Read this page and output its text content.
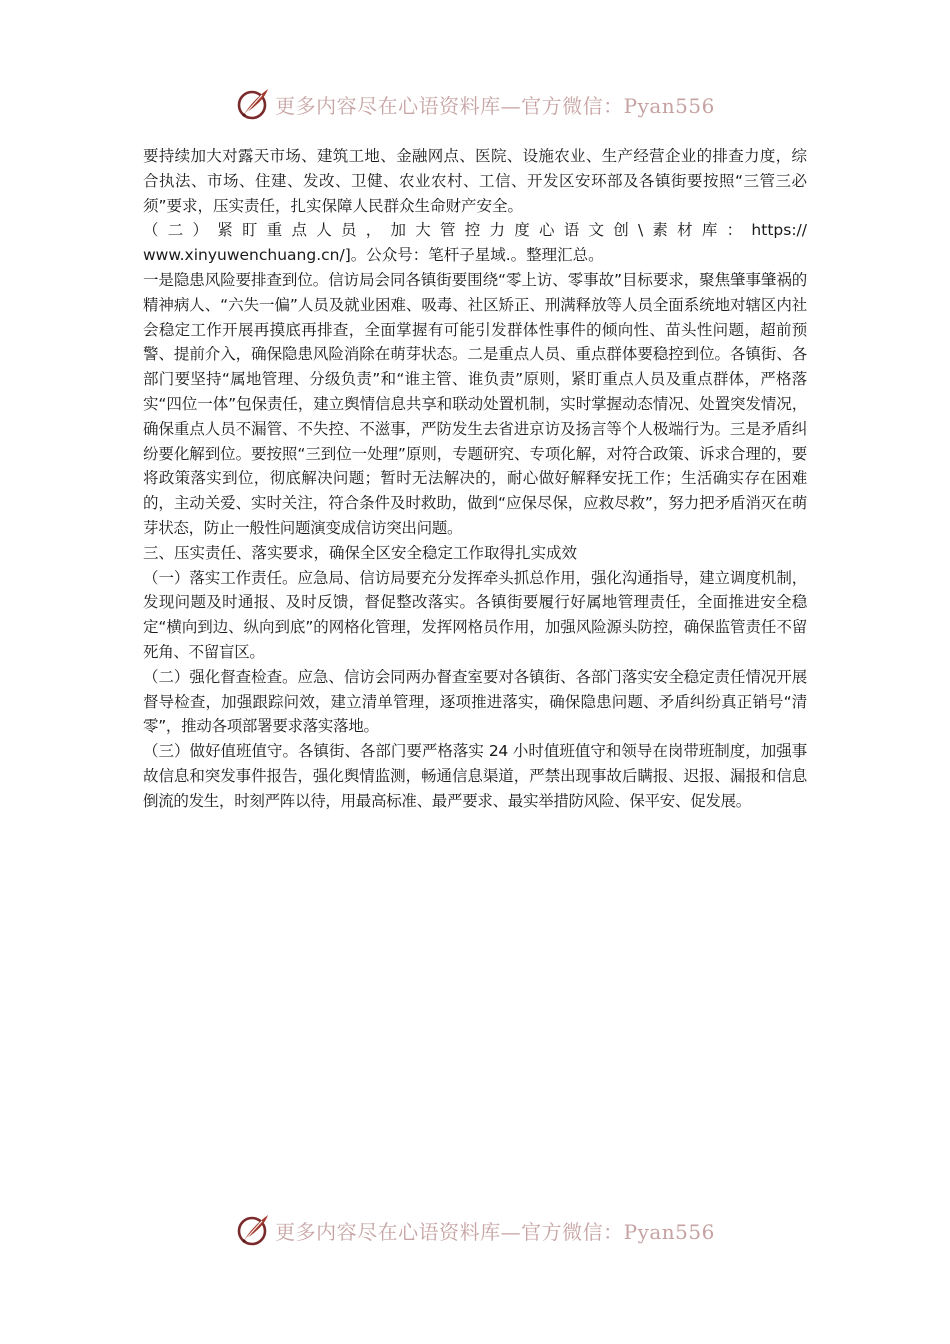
更多内容尽在心语资料库—官方微信：Pyan556

要持续加大对露天市场、建筑工地、金融网点、医院、设施农业、生产经营企业的排查力度，综合执法、市场、住建、发改、卫健、农业农村、工信、开发区安环部及各镇街要按照“三管三必须”要求，压实责任，扎实保障人民群众生命财产安全。

（二）紧盯重点人员，加大管控力度心语文创\素材库：https://

www.xinyuwenchuang.cn/]。公众号：笔杆子星域.。整理汇总。

一是隐患风险要排查到位。信访局会同各镇街要围绕“零上访、零事故”目标要求，聚焦肇事肇祸的精神病人、“六失一偏”人员及就业困难、吸毒、社区矫正、刑满释放等人员全面系统地对辖区内社会稳定工作开展再摸底再排查，全面掌握有可能引发群体性事件的倾向性、苗头性问题，超前预警、提前介入，确保隐患风险消除在萌芽状态。二是重点人员、重点群体要稳控到位。各镇街、各部门要坚持“属地管理、分级负责”和“谁主管、谁负责”原则，紧盯重点人员及重点群体，严格落实“四位一体”包保责任，建立舆情信息共享和联动处置机制，实时掌握动态情况、处置突发情况，确保重点人员不漏管、不失控、不滋事，严防发生去省进京访及扬言等个人极端行为。三是矛盾纠纷要化解到位。要按照“三到位一处理”原则，专题研究、专项化解，对符合政策、诉求合理的，要将政策落实到位，彻底解决问题；暂时无法解决的，耐心做好解释安抚工作；生活确实存在困难的，主动关爱、实时关注，符合条件及时救助，做到“应保尽保，应救尽救”，努力把矛盾消灭在萌芽状态，防止一般性问题演变成信访突出问题。

三、压实责任、落实要求，确保全区安全稳定工作取得扎实成效

（一）落实工作责任。应急局、信访局要充分发挥牵头抓总作用，强化沟通指导，建立调度机制，发现问题及时通报、及时反馈，督促整改落实。各镇街要履行好属地管理责任，全面推进安全稳定“横向到边、纵向到底”的网格化管理，发挥网格员作用，加强风险源头防控，确保监管责任不留死角、不留盲区。

（二）强化督查检查。应急、信访会同两办督查室要对各镇街、各部门落实安全稳定责任情况开展督导检查，加强跟踪问效，建立清单管理，逐项推进落实，确保隐患问题、矛盾纠纷真正销号“清零”，推动各项部署要求落实落地。

（三）做好值班值守。各镇街、各部门要严格落实 24 小时值班值守和领导在岗带班制度，加强事故信息和突发事件报告，强化舆情监测，畅通信息渠道，严禁出现事故后瞒报、迟报、漏报和信息倒流的发生，时刻严阵以待，用最高标准、最严要求、最实举措防风险、保平安、促发展。

更多内容尽在心语资料库—官方微信：Pyan556
